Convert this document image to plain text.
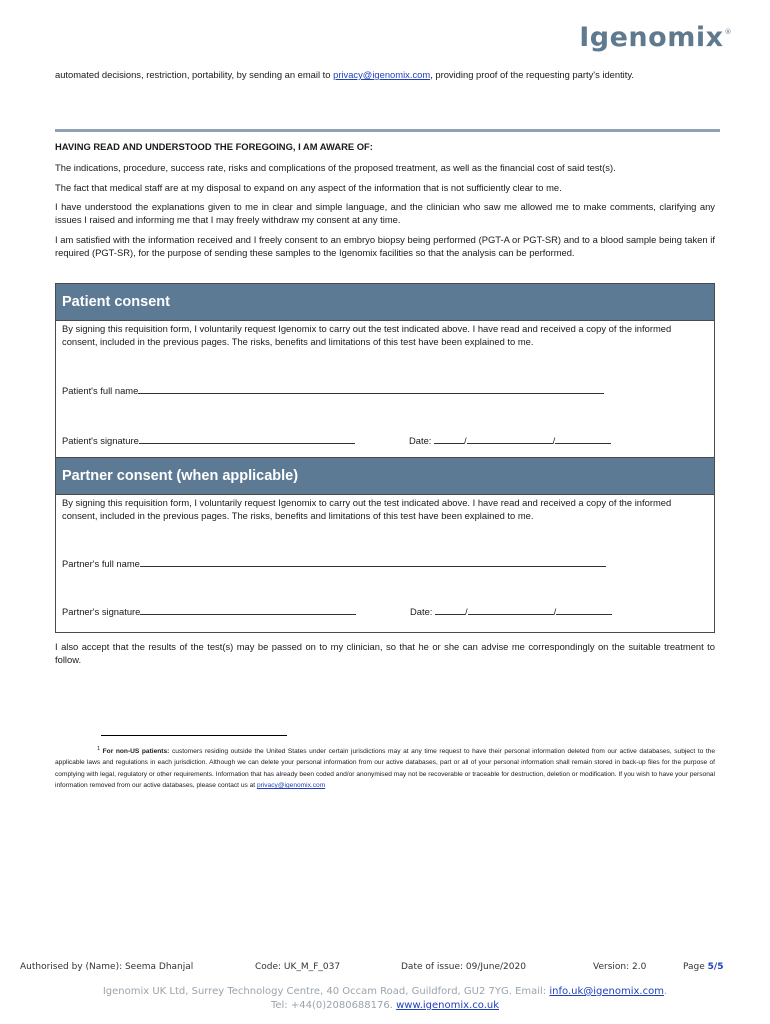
Igenomix®

automated decisions, restriction, portability, by sending an email to privacy@igenomix.com, providing proof of the requesting party's identity.

HAVING READ AND UNDERSTOOD THE FOREGOING, I AM AWARE OF:

The indications, procedure, success rate, risks and complications of the proposed treatment, as well as the financial cost of said test(s).

The fact that medical staff are at my disposal to expand on any aspect of the information that is not sufficiently clear to me.

I have understood the explanations given to me in clear and simple language, and the clinician who saw me allowed me to make comments, clarifying any issues I raised and informing me that I may freely withdraw my consent at any time.

I am satisfied with the information received and I freely consent to an embryo biopsy being performed (PGT-A or PGT-SR) and to a blood sample being taken if required (PGT-SR), for the purpose of sending these samples to the Igenomix facilities so that the analysis can be performed.

Patient consent

By signing this requisition form, I voluntarily request Igenomix to carry out the test indicated above. I have read and received a copy of the informed consent, included in the previous pages. The risks, benefits and limitations of this test have been explained to me.

Patient's full name
Patient's signature	Date:	/	/
Partner consent (when applicable)

By signing this requisition form, I voluntarily request Igenomix to carry out the test indicated above. I have read and received a copy of the informed consent, included in the previous pages. The risks, benefits and limitations of this test have been explained to me.

Partner's full name
Partner's signature	Date:	/	/

I also accept that the results of the test(s) may be passed on to my clinician, so that he or she can advise me correspondingly on the suitable treatment to follow.

$^1$ For non-US patients: customers residing outside the United States under certain jurisdictions may at any time request to have their personal information deleted from our active databases, subject to the applicable laws and regulations in each jurisdiction. Although we can delete your personal information from our active databases, part or all of your personal information shall remain stored in back-up files for the purpose of complying with legal, regulatory or other requirements. Information that has already been coded and/or anonymised may not be recoverable or traceable for destruction, deletion or modification. If you wish to have your personal information removed from our active databases, please contact us at privacy@igenomix.com

Authorised by (Name): Seema Dhanjal	Code: UK_M_F_037	Date of issue: 09/June/2020	Version: 2.0	Page 5/5
Igenomix UK Ltd, Surrey Technology Centre, 40 Occam Road, Guildford, GU2 7YG. Email: info.uk@igenomix.com.
Tel: +44(0)2080688176. www.igenomix.co.uk
